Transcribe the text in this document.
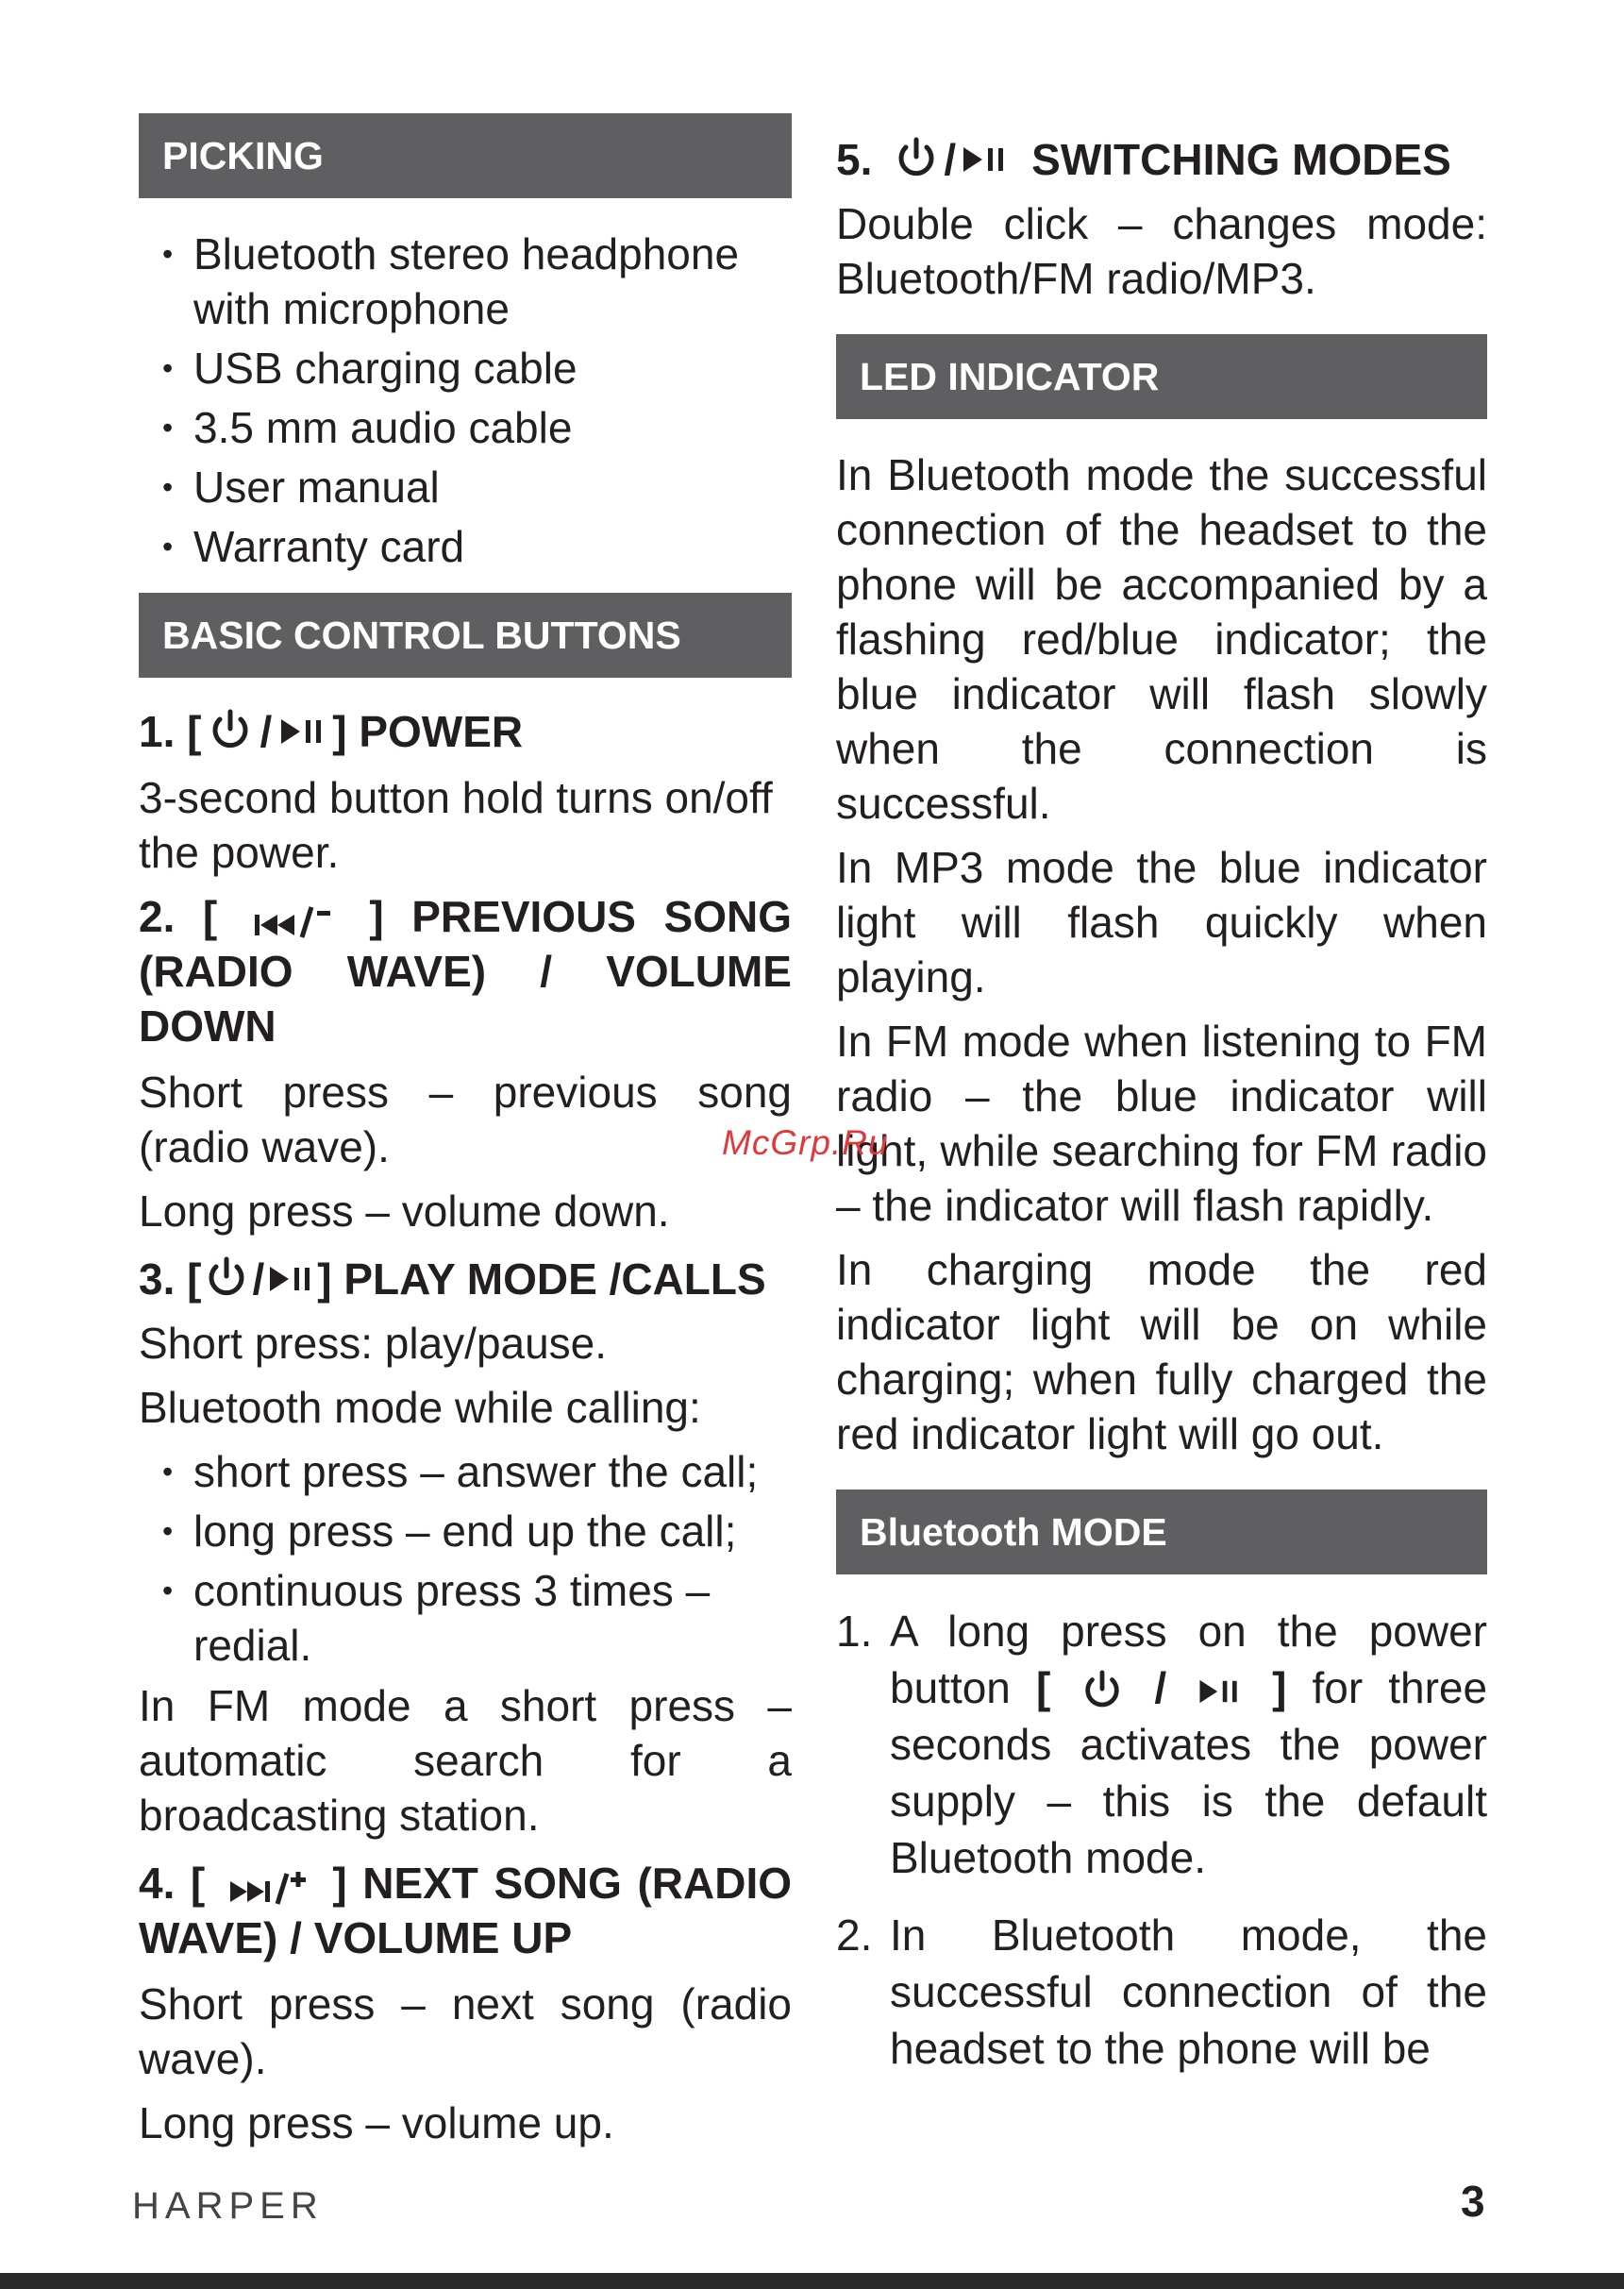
PICKING
• Bluetooth stereo headphone with microphone
• USB charging cable
• 3.5 mm audio cable
• User manual
• Warranty card
BASIC CONTROL BUTTONS
1. [ / ] POWER
3-second button hold turns on/off the power.
2. [	] PREVIOUS SONG (RADIO WAVE) / VOLUME DOWN
Short press – previous song (radio wave).
Long press – volume down.
3. [ / ] PLAY MODE /CALLS
Short press: play/pause.
Bluetooth mode while calling:
• short press – answer the call;
• long press – end up the call;
• continuous press 3 times – redial.
In FM mode a short press – automatic search for a broadcasting station.
4. [	] NEXT SONG (RADIO WAVE) / VOLUME UP
Short press – next song (radio wave).
Long press – volume up.
5. / SWITCHING MODES
Double click – changes mode: Bluetooth/FM radio/MP3.
LED INDICATOR
In Bluetooth mode the successful connection of the headset to the phone will be accompanied by a flashing red/blue indicator; the blue indicator will flash slowly when the connection is successful.
In MP3 mode the blue indicator light will flash quickly when playing.
In FM mode when listening to FM radio – the blue indicator will light, while searching for FM radio – the indicator will flash rapidly.
In charging mode the red indicator light will be on while charging; when fully charged the red indicator light will go out.
Bluetooth MODE
1. A long press on the power button [ / ] for three seconds activates the power supply – this is the default Bluetooth mode.
2. In Bluetooth mode, the successful connection of the headset to the phone will be
McGrp.Ru
HARPER	3
